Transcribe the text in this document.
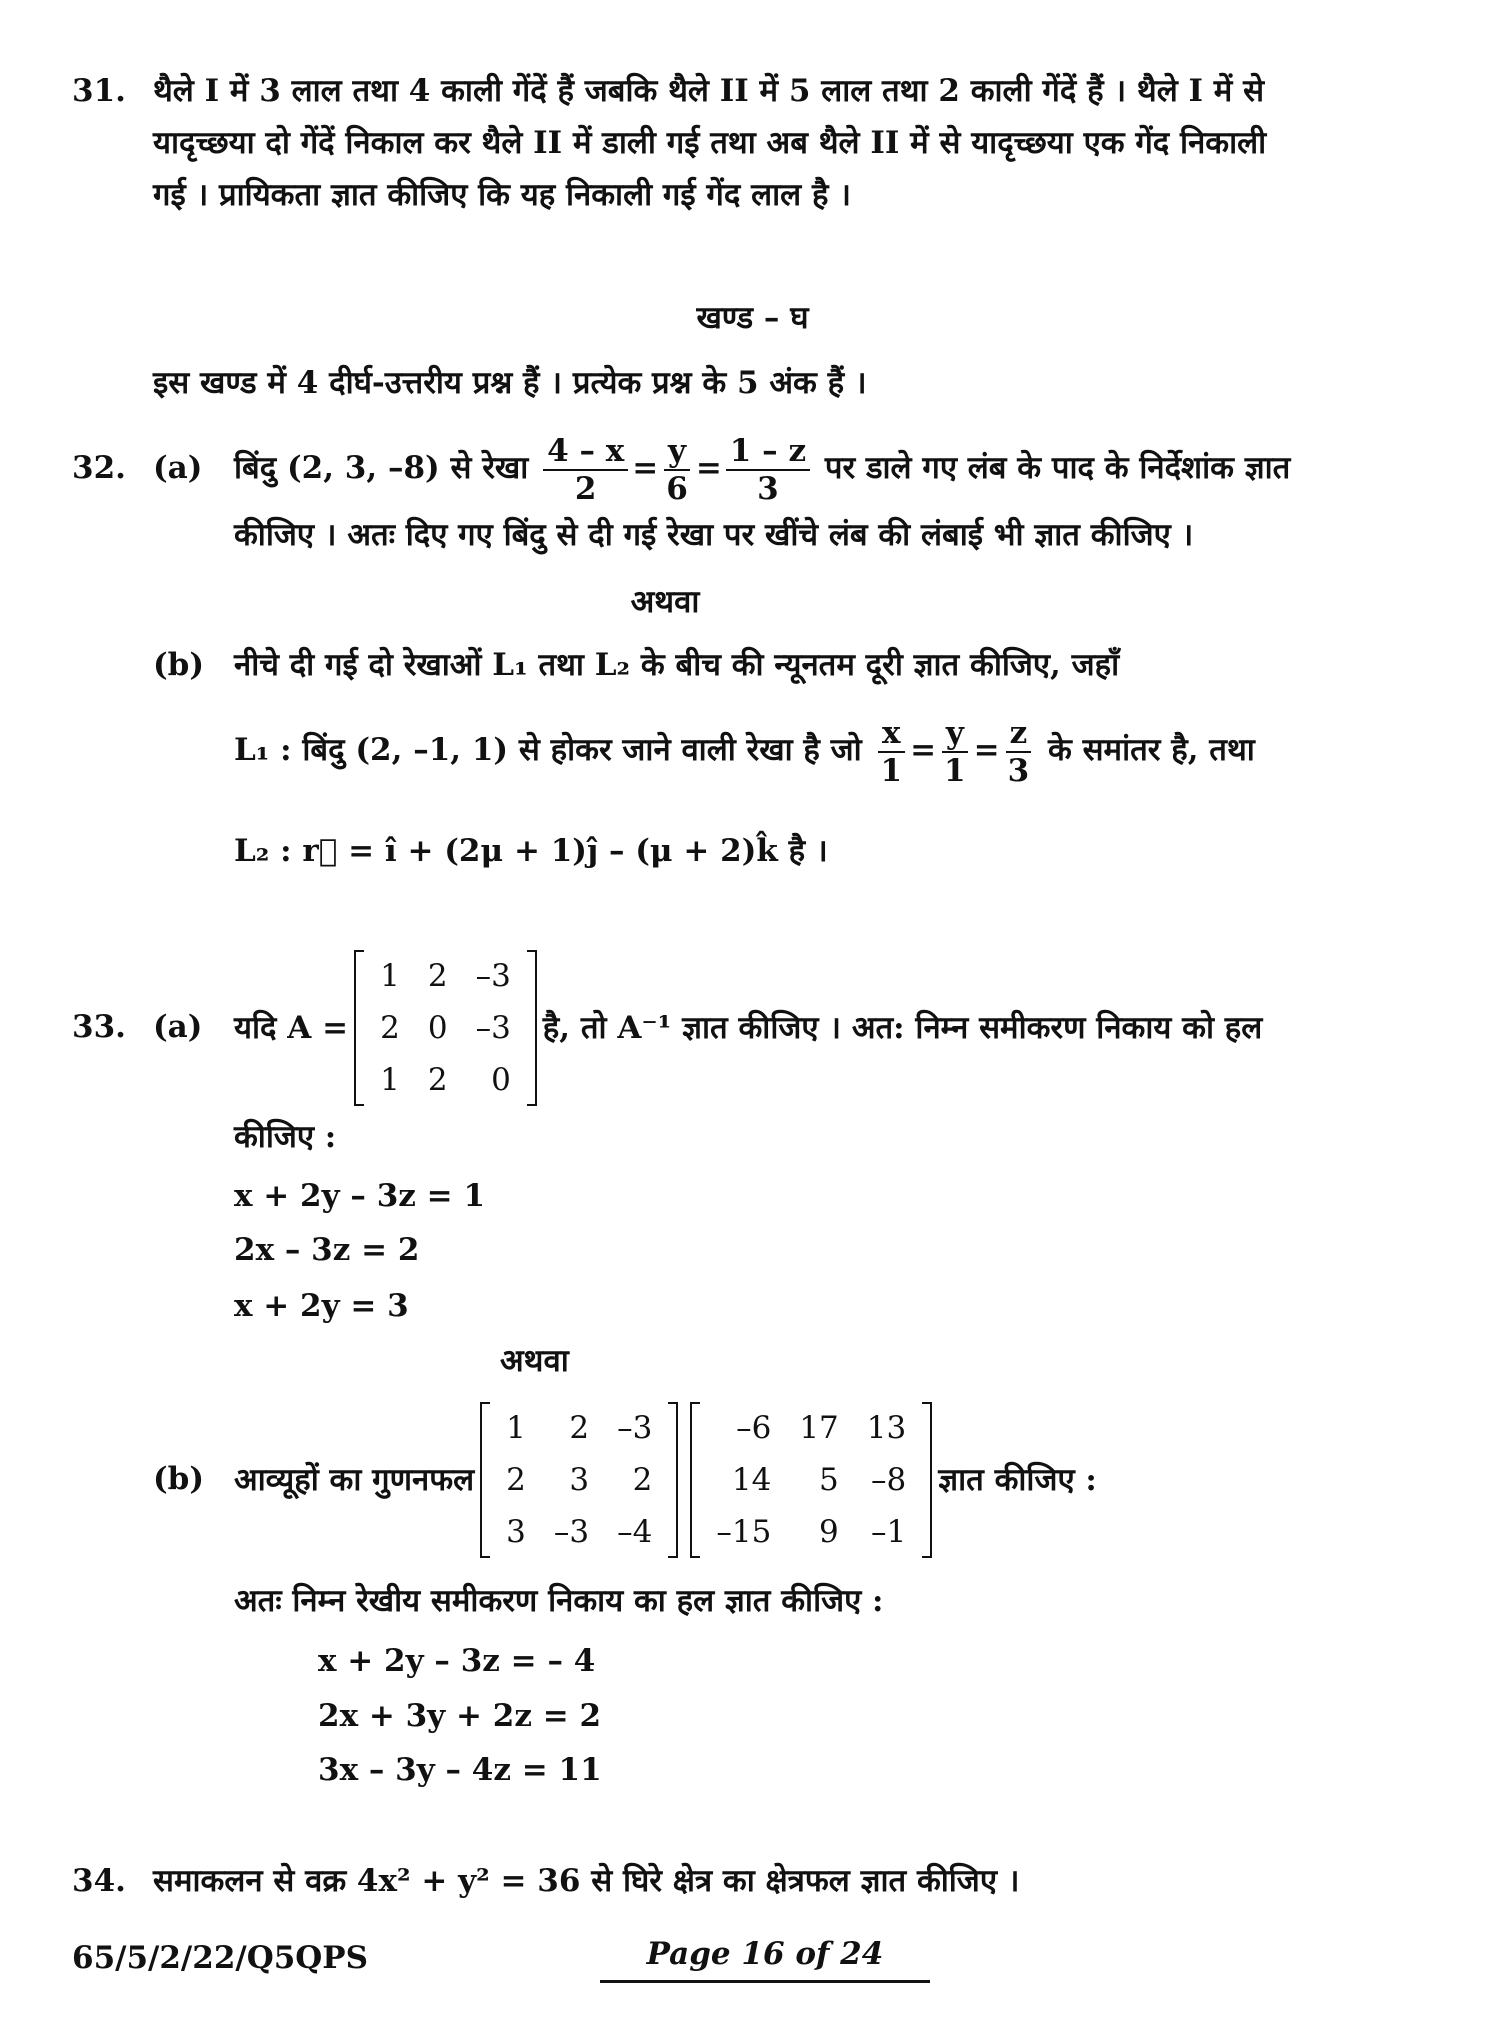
31. थैले I में 3 लाल तथा 4 काली गेंदें हैं जबकि थैले II में 5 लाल तथा 2 काली गेंदें हैं । थैले I में से
यादृच्छया दो गेंदें निकाल कर थैले II में डाली गई तथा अब थैले II में से यादृच्छया एक गेंद निकाली
गई । प्रायिकता ज्ञात कीजिए कि यह निकाली गई गेंद लाल है ।
खण्ड – घ
इस खण्ड में 4 दीर्घ-उत्तरीय प्रश्न हैं । प्रत्येक प्रश्न के 5 अंक हैं ।
32. (a) बिंदु (2, 3, –8) से रेखा $\frac{4 - x}{2} = \frac{y}{6} = \frac{1 - z}{3}$ पर डाले गए लंब के पाद के निर्देशांक ज्ञात
कीजिए । अतः दिए गए बिंदु से दी गई रेखा पर खींचे लंब की लंबाई भी ज्ञात कीजिए ।
अथवा
(b) नीचे दी गई दो रेखाओं L₁ तथा L₂ के बीच की न्यूनतम दूरी ज्ञात कीजिए, जहाँ
L₁ : बिंदु (2, –1, 1) से होकर जाने वाली रेखा है जो $\frac{x}{1} = \frac{y}{1} = \frac{z}{3}$ के समांतर है, तथा
L₂ : r⃗ = î + (2μ + 1)ĵ – (μ + 2)k̂ है ।
33. (a) यदि A =
1	2	–3
2	0	–3
1	2	0
है, तो A⁻¹ ज्ञात कीजिए । अत: निम्न समीकरण निकाय को हल
कीजिए :
x + 2y – 3z = 1
2x – 3z = 2
x + 2y = 3
अथवा
(b) आव्यूहों का गुणनफल
1	2	–3
2	3	2
3	–3	–4
–6	17	13
14	5	–8
–15	9	–1
ज्ञात कीजिए :
अतः निम्न रेखीय समीकरण निकाय का हल ज्ञात कीजिए :
x + 2y – 3z = – 4
2x + 3y + 2z = 2
3x – 3y – 4z = 11
34. समाकलन से वक्र 4x² + y² = 36 से घिरे क्षेत्र का क्षेत्रफल ज्ञात कीजिए ।
65/5/2/22/Q5QPS	Page 16 of 24
